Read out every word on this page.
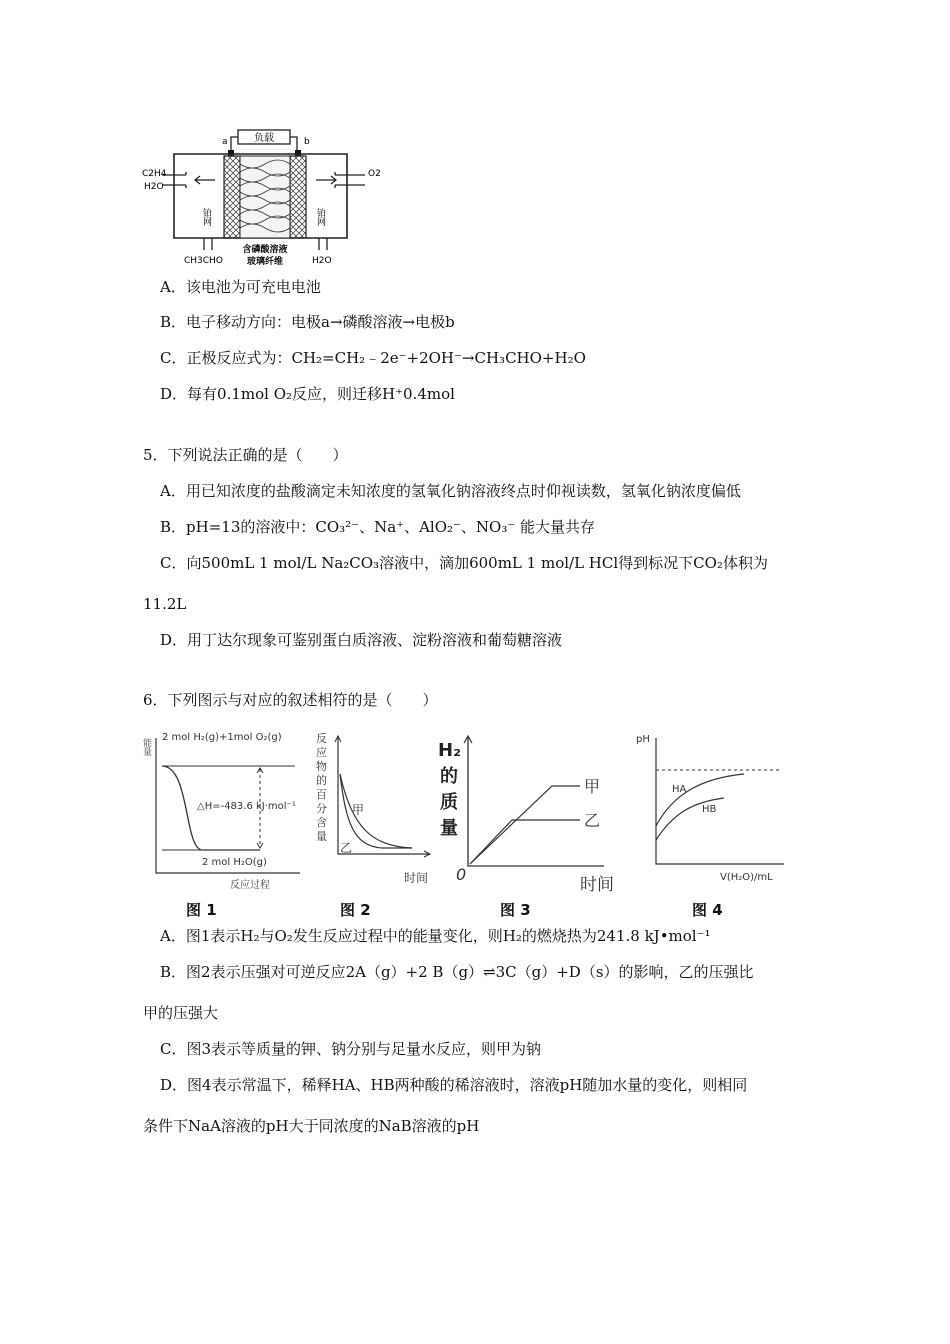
负载
a	b
C2H4
H2O
O2
铂网	铂网
CH3CHO	H2O
含磷酸溶液
玻璃纤维
A．该电池为可充电电池
B．电子移动方向：电极a→磷酸溶液→电极b
C．正极反应式为：CH₂=CH₂﹣2e⁻+2OH⁻→CH₃CHO+H₂O
D．每有0.1mol O₂反应，则迁移H⁺0.4mol
5．下列说法正确的是（　　）
A．用已知浓度的盐酸滴定未知浓度的氢氧化钠溶液终点时仰视读数，氢氧化钠浓度偏低
B．pH=13的溶液中：CO₃²⁻、Na⁺、AlO₂⁻、NO₃⁻ 能大量共存
C．向500mL 1 mol/L Na₂CO₃溶液中，滴加600mL 1 mol/L HCl得到标况下CO₂体积为
11.2L
D．用丁达尔现象可鉴别蛋白质溶液、淀粉溶液和葡萄糖溶液
6．下列图示与对应的叙述相符的是（　　）
能量
2 mol H₂(g)+1mol O₂(g)
△H=-483.6 kJ·mol⁻¹
2 mol H₂O(g)
反应过程
图 1
反
应
物
的
百
分
含
量
甲
乙
时间
图 2
H₂
的
质
量
0
甲
乙
时间
图 3
pH
HA
HB
V(H₂O)/mL
图 4
A．图1表示H₂与O₂发生反应过程中的能量变化，则H₂的燃烧热为241.8 kJ•mol⁻¹
B．图2表示压强对可逆反应2A（g）+2 B（g）⇌3C（g）+D（s）的影响，乙的压强比
甲的压强大
C．图3表示等质量的钾、钠分别与足量水反应，则甲为钠
D．图4表示常温下，稀释HA、HB两种酸的稀溶液时，溶液pH随加水量的变化，则相同
条件下NaA溶液的pH大于同浓度的NaB溶液的pH
